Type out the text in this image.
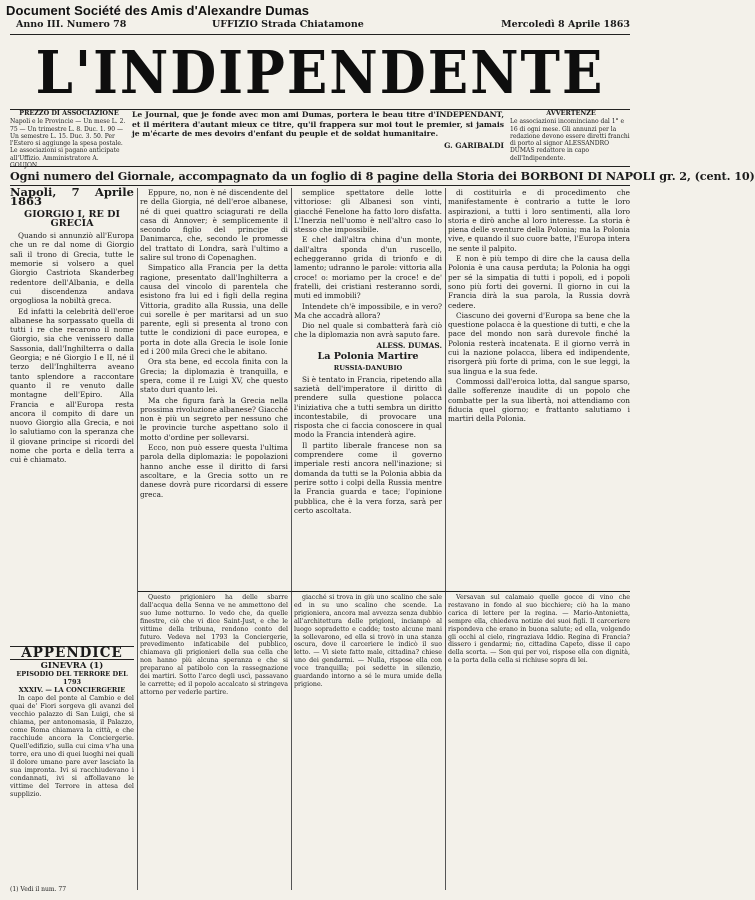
Document Société des Amis d'Alexandre Dumas
Anno III. Numero 78	UFFIZIO Strada Chiatamone	Mercoledì 8 Aprile 1863
L'INDIPENDENTE
PREZZO DI ASSOCIAZIONE
Napoli e le Provincie — Un mese L. 2. 75 — Un trimestre L. 8. Duc. 1. 90 — Un semestre L. 15. Duc. 3. 50. Per l'Estero si aggiunge la spesa postale. Le associazioni si pagano anticipate all'Uffizio. Amministratore A. GOUJON.
Le Journal, que je fonde avec mon ami Dumas, portera le beau titre d'INDEPENDANT, et il méritera d'autant mieux ce titre, qu'il frappera sur moi tout le premier, si jamais je m'écarte de mes devoirs d'enfant du peuple et de soldat humanitaire.
G. GARIBALDI
AVVERTENZE
Le associazioni incominciano dal 1° e 16 di ogni mese. Gli annunzi per la redazione devono essere diretti franchi di porto al signor ALESSANDRO DUMAS redattore in capo dell'Indipendente.
Ogni numero del Giornale, accompagnato da un foglio di 8 pagine della Storia dei BORBONI DI NAPOLI gr. 2, (cent. 10)

Napoli, 7 Aprile 1863

GIORGIO I, RE DI GRECIA

Quando si annunziò all'Europa che un re dal nome di Giorgio salì il trono di Grecia, tutte le memorie si volsero a quel Giorgio Castriota Skanderbeg redentore dell'Albania, e della cui discendenza andava orgogliosa la nobiltà greca.

Ed infatti la celebrità dell'eroe albanese ha sorpassato quella di tutti i re che recarono il nome Giorgio, sia che venissero dalla Sassonia, dall'Inghilterra o dalla Georgia; e né Giorgio I e II, né il terzo dell'Inghilterra aveano tanto splendore a raccontare quanto il re venuto dalle montagne dell'Epiro. Alla Francia e all'Europa resta ancora il compito di dare un nuovo Giorgio alla Grecia, e noi lo salutiamo con la speranza che il giovane principe si ricordi del nome che porta e della terra a cui è chiamato.

APPENDICE

GINEVRA (1)

EPISODIO DEL TERRORE DEL 1793

XXXIV. — LA CONCIERGERIE

In capo del ponte al Cambio e del quai de' Fiori sorgeva gli avanzi del vecchio palazzo di San Luigi, che si chiama, per antonomasia, il Palazzo, come Roma chiamava la città, e che racchiude ancora la Conciergerie. Quell'edifizio, sulla cui cima v'ha una torre, era uno di quei luoghi nei quali il dolore umano pare aver lasciato la sua impronta. Ivi si racchiudevano i condannati, ivi si affollavano le vittime del Terrore in attesa del supplizio.

Eppure, no, non è né discendente del re della Giorgia, né dell'eroe albanese, né di quei quattro sciagurati re della casa di Annover; è semplicemente il secondo figlio del principe di Danimarca, che, secondo le promesse del trattato di Londra, sarà l'ultimo a salire sul trono di Copenaghen.

Simpatico alla Francia per la detta ragione, presentato dall'Inghilterra a causa del vincolo di parentela che esistono fra lui ed i figli della regina Vittoria, gradito alla Russia, una delle cui sorelle è per maritarsi ad un suo parente, egli si presenta al trono con tutte le condizioni di pace europea, e porta in dote alla Grecia le isole Ionie ed i 200 mila Greci che le abitano.

Ora sta bene, ed eccola finita con la Grecia; la diplomazia è tranquilla, e spera, come il re Luigi XV, che questo stato duri quanto lei.

Ma che figura farà la Grecia nella prossima rivoluzione albanese? Giacché non è più un segreto per nessuno che le provincie turche aspettano solo il motto d'ordine per sollevarsi.

Ecco, non può essere questa l'ultima parola della diplomazia: le popolazioni hanno anche esse il diritto di farsi ascoltare, e la Grecia sotto un re danese dovrà pure ricordarsi di essere greca.

semplice spettatore delle lotte vittoriose: gli Albanesi son vinti, giacché Fenelone ha fatto loro disfatta. L'Inerzia nell'uomo è nell'altro caso lo stesso che impossibile.

E che! dall'altra china d'un monte, dall'altra sponda d'un ruscello, echeggeranno grida di trionfo e di lamento; udranno le parole: vittoria alla croce! o: moriamo per la croce! e de' fratelli, dei cristiani resteranno sordi, muti ed immobili?

Intendete ch'è impossibile, e in vero? Ma che accadrà allora?

Dio nel quale si combatterà farà ciò che la diplomazia non avrà saputo fare.

ALESS. DUMAS.

La Polonia Martire

RUSSIA-DANUBIO

Si è tentato in Francia, ripetendo alla sazietà dell'imperatore il diritto di prendere sulla questione polacca l'iniziativa che a tutti sembra un diritto incontestabile, di provocare una risposta che ci faccia conoscere in qual modo la Francia intenderà agire.

Il partito liberale francese non sa comprendere come il governo imperiale resti ancora nell'inazione; si domanda da tutti se la Polonia abbia da perire sotto i colpi della Russia mentre la Francia guarda e tace; l'opinione pubblica, che è la vera forza, sarà per certo ascoltata.

di costituirla e di procedimento che manifestamente è contrario a tutte le loro aspirazioni, a tutti i loro sentimenti, alla loro storia e dirò anche al loro interesse. La storia è piena delle sventure della Polonia; ma la Polonia vive, e quando il suo cuore batte, l'Europa intera ne sente il palpito.

E non è più tempo di dire che la causa della Polonia è una causa perduta; la Polonia ha oggi per sé la simpatia di tutti i popoli, ed i popoli sono più forti dei governi. Il giorno in cui la Francia dirà la sua parola, la Russia dovrà cedere.

Ciascuno dei governi d'Europa sa bene che la questione polacca è la questione di tutti, e che la pace del mondo non sarà durevole finché la Polonia resterà incatenata. E il giorno verrà in cui la nazione polacca, libera ed indipendente, risorgerà più forte di prima, con le sue leggi, la sua lingua e la sua fede.

Commossi dall'eroica lotta, dal sangue sparso, dalle sofferenze inaudite di un popolo che combatte per la sua libertà, noi attendiamo con fiducia quel giorno; e frattanto salutiamo i martiri della Polonia.

Questo prigioniero ha delle sbarre dall'acqua della Senna ve ne ammettono del suo lume notturno. Io vedo che, da quelle finestre, ciò che vi dice Saint-Just, e che le vittime della tribuna, rendono conto del futuro. Vedeva nel 1793 la Conciergerie, prevedimento infaticabile del pubblico, chiamava gli prigionieri della sua cella che non hanno più alcuna speranza e che si preparano al patibolo con la rassegnazione dei martiri. Sotto l'arco degli uscì, passavano le carrette; ed il popolo accalcato si stringeva attorno per vederle partire.

giacché si trova in giù uno scalino che sale ed in su uno scalino che scende. La prigioniera, ancora mal avvezza senza dubbio all'architettura delle prigioni, inciampò al luogo sopradetto e cadde; tosto alcune mani la sollevarono, ed ella si trovò in una stanza oscura, dove il carceriere le indicò il suo letto. — Vi siete fatto male, cittadina? chiese uno dei gendarmi. — Nulla, rispose ella con voce tranquilla; poi sedette in silenzio, guardando intorno a sé le mura umide della prigione.

Versavan sul calamaio quelle gocce di vino che restavano in fondo al suo bicchiere; ciò ha la mano carica di lettere per la regina. — Mario-Antonietta, sempre ella, chiedeva notizie dei suoi figli. Il carceriere rispondeva che erano in buona salute; ed ella, volgendo gli occhi al cielo, ringraziava Iddio. Regina di Francia? dissero i gendarmi; no, cittadina Capeto, disse il capo della scorta. — Son qui per voi, rispose ella con dignità, e la porta della cella si richiuse sopra di lei.

(1) Vedi il num. 77
